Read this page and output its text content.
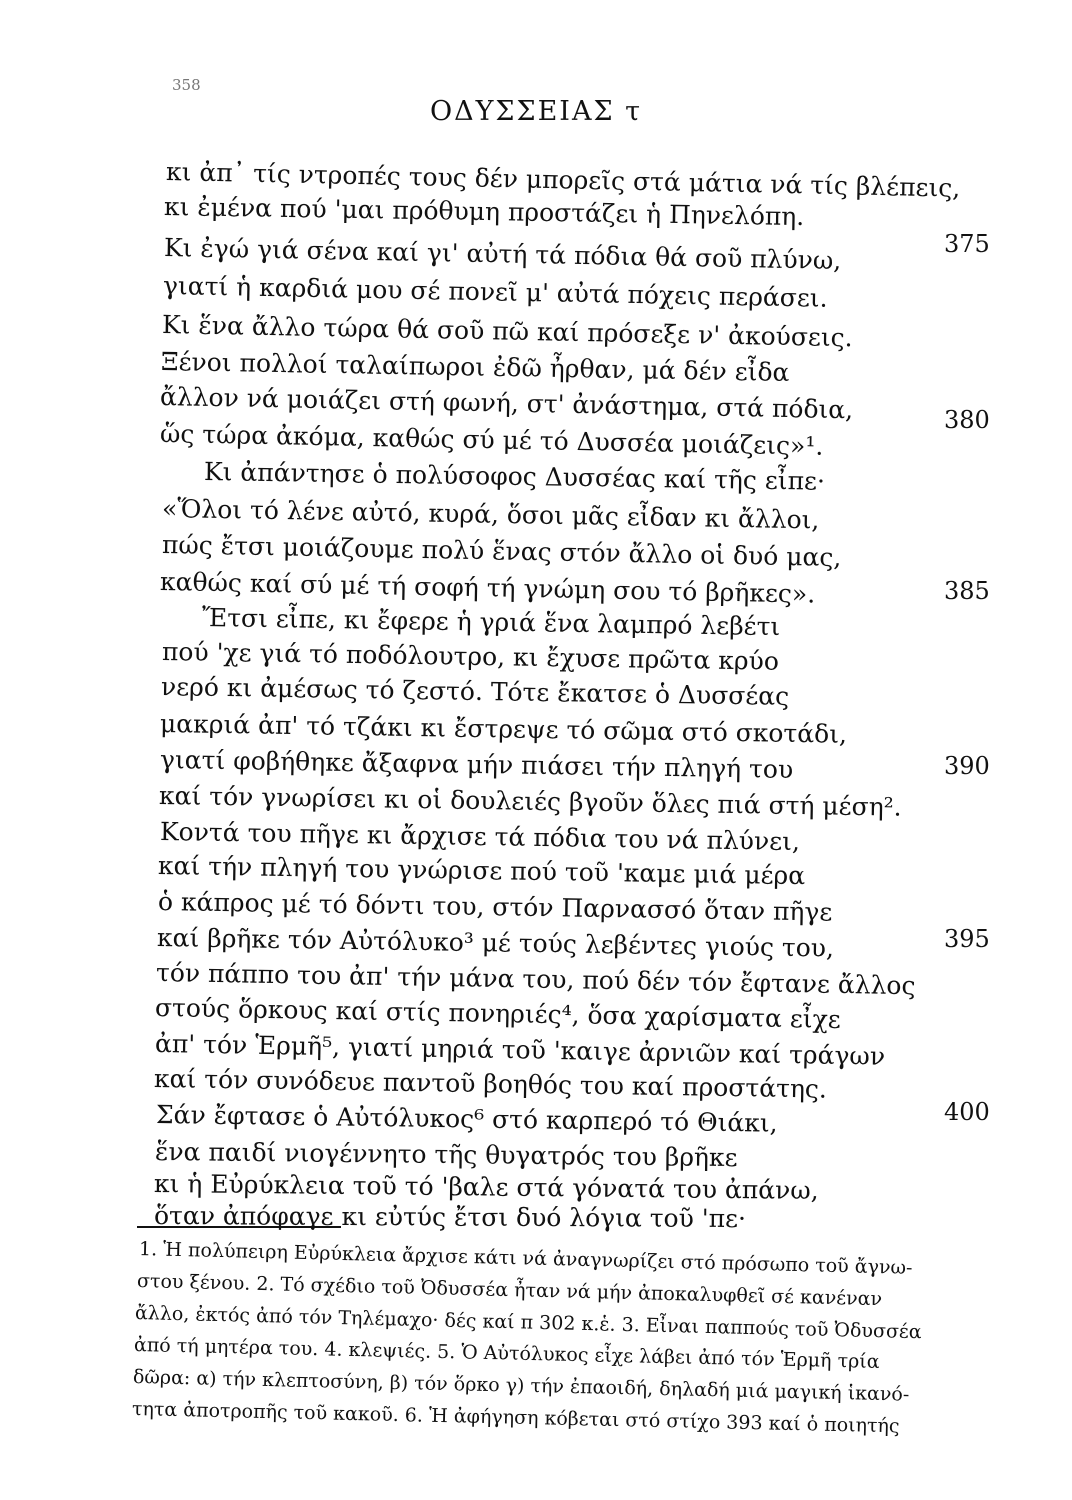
358
ΟΔΥΣΣΕΙΑΣ τ
κι ἀπ᾿ τίς ντροπές τους δέν μπορεῖς στά μάτια νά τίς βλέπεις,
κι ἐμένα πού 'μαι πρόθυμη προστάζει ἡ Πηνελόπη.
Κι ἐγώ γιά σένα καί γι' αὐτή τά πόδια θά σοῦ πλύνω,
γιατί ἡ καρδιά μου σέ πονεῖ μ' αὐτά πόχεις περάσει.
Κι ἕνα ἄλλο τώρα θά σοῦ πῶ καί πρόσεξε ν' ἀκούσεις.
Ξένοι πολλοί ταλαίπωροι ἐδῶ ἦρθαν, μά δέν εἶδα
ἄλλον νά μοιάζει στή φωνή, στ' ἀνάστημα, στά πόδια,
ὥς τώρα ἀκόμα, καθώς σύ μέ τό Δυσσέα μοιάζεις»¹.
Κι ἀπάντησε ὁ πολύσοφος Δυσσέας καί τῆς εἶπε·
«Ὅλοι τό λένε αὐτό, κυρά, ὅσοι μᾶς εἶδαν κι ἄλλοι,
πώς ἔτσι μοιάζουμε πολύ ἕνας στόν ἄλλο οἱ δυό μας,
καθώς καί σύ μέ τή σοφή τή γνώμη σου τό βρῆκες».
Ἔτσι εἶπε, κι ἔφερε ἡ γριά ἕνα λαμπρό λεβέτι
πού 'χε γιά τό ποδόλουτρο, κι ἔχυσε πρῶτα κρύο
νερό κι ἀμέσως τό ζεστό. Τότε ἔκατσε ὁ Δυσσέας
μακριά ἀπ' τό τζάκι κι ἔστρεψε τό σῶμα στό σκοτάδι,
γιατί φοβήθηκε ἄξαφνα μήν πιάσει τήν πληγή του
καί τόν γνωρίσει κι οἱ δουλειές βγοῦν ὅλες πιά στή μέση².
Κοντά του πῆγε κι ἄρχισε τά πόδια του νά πλύνει,
καί τήν πληγή του γνώρισε πού τοῦ 'καμε μιά μέρα
ὁ κάπρος μέ τό δόντι του, στόν Παρνασσό ὅταν πῆγε
καί βρῆκε τόν Αὐτόλυκο³ μέ τούς λεβέντες γιούς του,
τόν πάππο του ἀπ' τήν μάνα του, πού δέν τόν ἔφτανε ἄλλος
στούς ὅρκους καί στίς πονηριές⁴, ὅσα χαρίσματα εἶχε
ἀπ' τόν Ἑρμῆ⁵, γιατί μηριά τοῦ 'καιγε ἀρνιῶν καί τράγων
καί τόν συνόδευε παντοῦ βοηθός του καί προστάτης.
Σάν ἔφτασε ὁ Αὐτόλυκος⁶ στό καρπερό τό Θιάκι,
ἕνα παιδί νιογέννητο τῆς θυγατρός του βρῆκε
κι ἡ Εὐρύκλεια τοῦ τό 'βαλε στά γόνατά του ἀπάνω,
ὅταν ἀπόφαγε κι εὐτύς ἔτσι δυό λόγια τοῦ 'πε·
375
380
385
390
395
400
1. Ἡ πολύπειρη Εὐρύκλεια ἄρχισε κάτι νά ἀναγνωρίζει στό πρόσωπο τοῦ ἄγνω-
στου ξένου. 2. Τό σχέδιο τοῦ Ὀδυσσέα ἦταν νά μήν ἀποκαλυφθεῖ σέ κανέναν
ἄλλο, ἐκτός ἀπό τόν Τηλέμαχο· δές καί π 302 κ.ἑ. 3. Εἶναι παππούς τοῦ Ὀδυσσέα
ἀπό τή μητέρα του. 4. κλεψιές. 5. Ὁ Αὐτόλυκος εἶχε λάβει ἀπό τόν Ἑρμῆ τρία
δῶρα: α) τήν κλεπτοσύνη, β) τόν ὅρκο γ) τήν ἐπαοιδή, δηλαδή μιά μαγική ἱκανό-
τητα ἀποτροπῆς τοῦ κακοῦ. 6. Ἡ ἀφήγηση κόβεται στό στίχο 393 καί ὁ ποιητής
